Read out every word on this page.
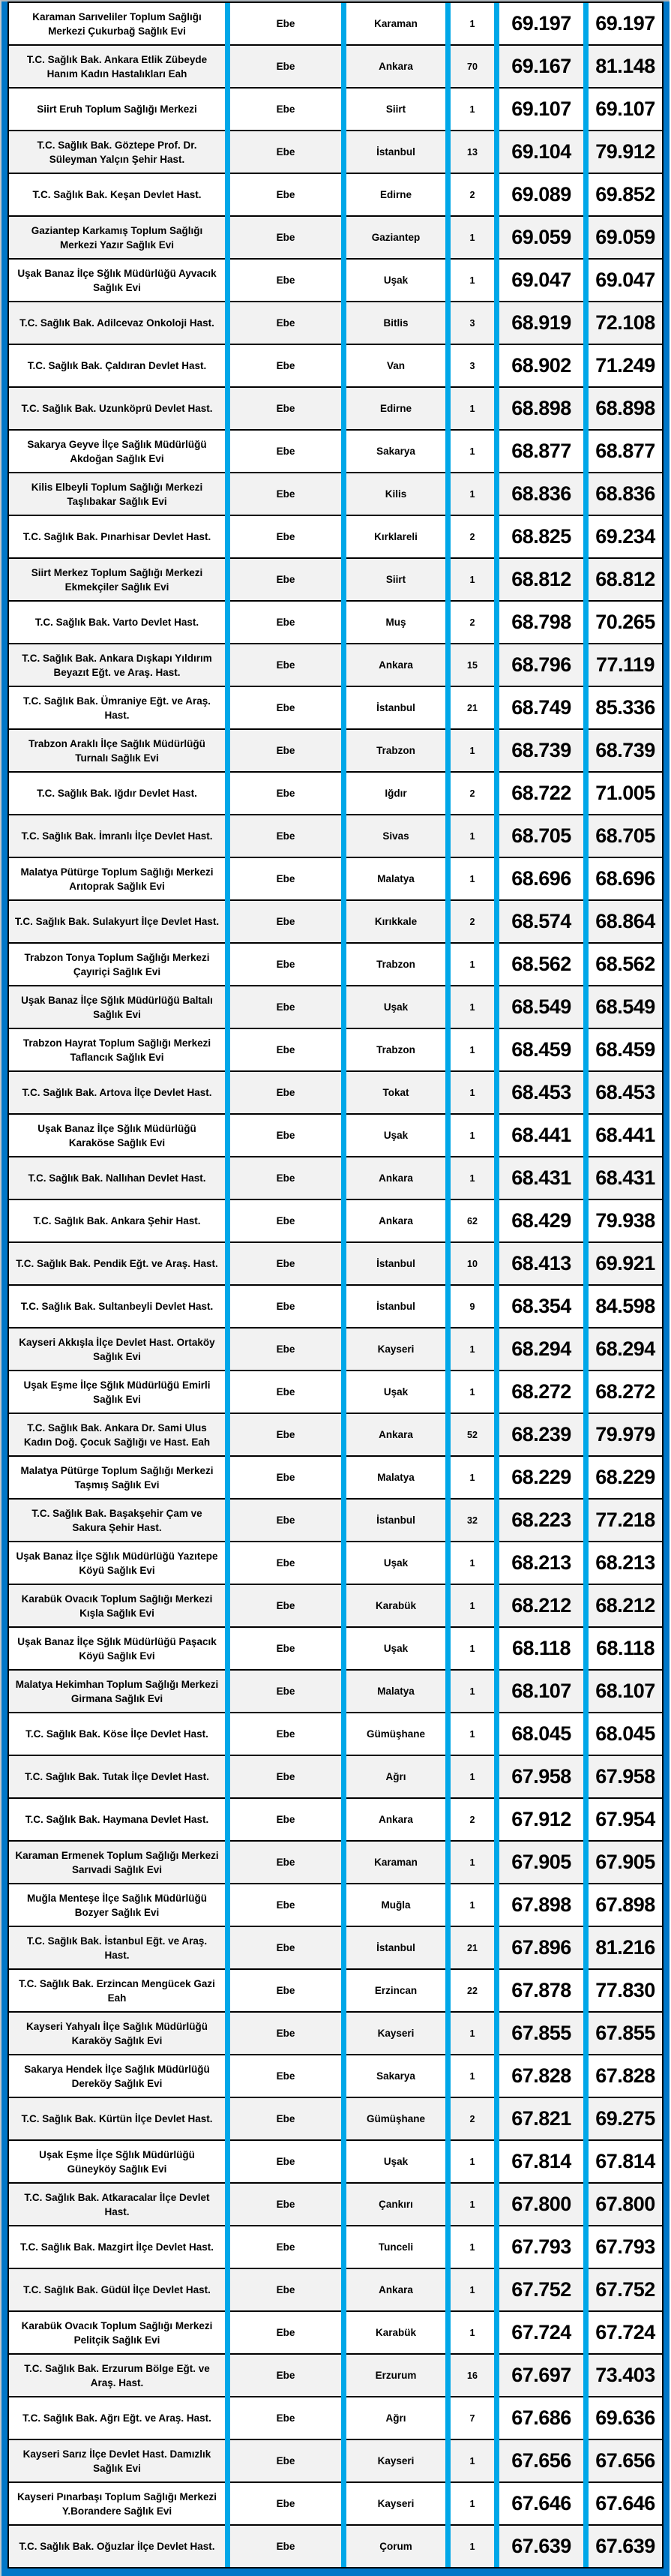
Karaman Sarıveliler Toplum Sağlığı Merkezi Çukurbağ Sağlık Evi		Ebe		Karaman		1		69.197		69.197
T.C. Sağlık Bak. Ankara Etlik Zübeyde Hanım Kadın Hastalıkları Eah		Ebe		Ankara		70		69.167		81.148
Siirt Eruh Toplum Sağlığı Merkezi		Ebe		Siirt		1		69.107		69.107
T.C. Sağlık Bak. Göztepe Prof. Dr. Süleyman Yalçın Şehir Hast.		Ebe		İstanbul		13		69.104		79.912
T.C. Sağlık Bak. Keşan Devlet Hast.		Ebe		Edirne		2		69.089		69.852
Gaziantep Karkamış Toplum Sağlığı Merkezi Yazır Sağlık Evi		Ebe		Gaziantep		1		69.059		69.059
Uşak Banaz İlçe Sğlık Müdürlüğü Ayvacık Sağlık Evi		Ebe		Uşak		1		69.047		69.047
T.C. Sağlık Bak. Adilcevaz Onkoloji Hast.		Ebe		Bitlis		3		68.919		72.108
T.C. Sağlık Bak. Çaldıran Devlet Hast.		Ebe		Van		3		68.902		71.249
T.C. Sağlık Bak. Uzunköprü Devlet Hast.		Ebe		Edirne		1		68.898		68.898
Sakarya Geyve İlçe Sağlık Müdürlüğü Akdoğan Sağlık Evi		Ebe		Sakarya		1		68.877		68.877
Kilis Elbeyli Toplum Sağlığı Merkezi Taşlıbakar Sağlık Evi		Ebe		Kilis		1		68.836		68.836
T.C. Sağlık Bak. Pınarhisar Devlet Hast.		Ebe		Kırklareli		2		68.825		69.234
Siirt Merkez Toplum Sağlığı Merkezi Ekmekçiler Sağlık Evi		Ebe		Siirt		1		68.812		68.812
T.C. Sağlık Bak. Varto Devlet Hast.		Ebe		Muş		2		68.798		70.265
T.C. Sağlık Bak. Ankara Dışkapı Yıldırım Beyazıt Eğt. ve Araş. Hast.		Ebe		Ankara		15		68.796		77.119
T.C. Sağlık Bak. Ümraniye Eğt. ve Araş. Hast.		Ebe		İstanbul		21		68.749		85.336
Trabzon Araklı İlçe Sağlık Müdürlüğü Turnalı Sağlık Evi		Ebe		Trabzon		1		68.739		68.739
T.C. Sağlık Bak. Iğdır Devlet Hast.		Ebe		Iğdır		2		68.722		71.005
T.C. Sağlık Bak. İmranlı İlçe Devlet Hast.		Ebe		Sivas		1		68.705		68.705
Malatya Pütürge Toplum Sağlığı Merkezi Arıtoprak Sağlık Evi		Ebe		Malatya		1		68.696		68.696
T.C. Sağlık Bak. Sulakyurt İlçe Devlet Hast.		Ebe		Kırıkkale		2		68.574		68.864
Trabzon Tonya Toplum Sağlığı Merkezi Çayıriçi Sağlık Evi		Ebe		Trabzon		1		68.562		68.562
Uşak Banaz İlçe Sğlık Müdürlüğü Baltalı Sağlık Evi		Ebe		Uşak		1		68.549		68.549
Trabzon Hayrat Toplum Sağlığı Merkezi Taflancık Sağlık Evi		Ebe		Trabzon		1		68.459		68.459
T.C. Sağlık Bak. Artova İlçe Devlet Hast.		Ebe		Tokat		1		68.453		68.453
Uşak Banaz İlçe Sğlık Müdürlüğü Karaköse Sağlık Evi		Ebe		Uşak		1		68.441		68.441
T.C. Sağlık Bak. Nallıhan Devlet Hast.		Ebe		Ankara		1		68.431		68.431
T.C. Sağlık Bak. Ankara Şehir Hast.		Ebe		Ankara		62		68.429		79.938
T.C. Sağlık Bak. Pendik Eğt. ve Araş. Hast.		Ebe		İstanbul		10		68.413		69.921
T.C. Sağlık Bak. Sultanbeyli Devlet Hast.		Ebe		İstanbul		9		68.354		84.598
Kayseri Akkışla İlçe Devlet Hast. Ortaköy Sağlık Evi		Ebe		Kayseri		1		68.294		68.294
Uşak Eşme İlçe Sğlık Müdürlüğü Emirli Sağlık Evi		Ebe		Uşak		1		68.272		68.272
T.C. Sağlık Bak. Ankara Dr. Sami Ulus Kadın Doğ. Çocuk Sağlığı ve Hast. Eah		Ebe		Ankara		52		68.239		79.979
Malatya Pütürge Toplum Sağlığı Merkezi Taşmış Sağlık Evi		Ebe		Malatya		1		68.229		68.229
T.C. Sağlık Bak. Başakşehir Çam ve Sakura Şehir Hast.		Ebe		İstanbul		32		68.223		77.218
Uşak Banaz İlçe Sğlık Müdürlüğü Yazıtepe Köyü Sağlık Evi		Ebe		Uşak		1		68.213		68.213
Karabük Ovacık Toplum Sağlığı Merkezi Kışla Sağlık Evi		Ebe		Karabük		1		68.212		68.212
Uşak Banaz İlçe Sğlık Müdürlüğü Paşacık Köyü Sağlık Evi		Ebe		Uşak		1		68.118		68.118
Malatya Hekimhan Toplum Sağlığı Merkezi Girmana Sağlık Evi		Ebe		Malatya		1		68.107		68.107
T.C. Sağlık Bak. Köse İlçe Devlet Hast.		Ebe		Gümüşhane		1		68.045		68.045
T.C. Sağlık Bak. Tutak İlçe Devlet Hast.		Ebe		Ağrı		1		67.958		67.958
T.C. Sağlık Bak. Haymana Devlet Hast.		Ebe		Ankara		2		67.912		67.954
Karaman Ermenek Toplum Sağlığı Merkezi Sarıvadi Sağlık Evi		Ebe		Karaman		1		67.905		67.905
Muğla Menteşe İlçe Sağlık Müdürlüğü Bozyer Sağlık Evi		Ebe		Muğla		1		67.898		67.898
T.C. Sağlık Bak. İstanbul Eğt. ve Araş. Hast.		Ebe		İstanbul		21		67.896		81.216
T.C. Sağlık Bak. Erzincan Mengücek Gazi Eah		Ebe		Erzincan		22		67.878		77.830
Kayseri Yahyalı İlçe Sağlık Müdürlüğü Karaköy Sağlık Evi		Ebe		Kayseri		1		67.855		67.855
Sakarya Hendek İlçe Sağlık Müdürlüğü Dereköy Sağlık Evi		Ebe		Sakarya		1		67.828		67.828
T.C. Sağlık Bak. Kürtün İlçe Devlet Hast.		Ebe		Gümüşhane		2		67.821		69.275
Uşak Eşme İlçe Sğlık Müdürlüğü Güneyköy Sağlık Evi		Ebe		Uşak		1		67.814		67.814
T.C. Sağlık Bak. Atkaracalar İlçe Devlet Hast.		Ebe		Çankırı		1		67.800		67.800
T.C. Sağlık Bak. Mazgirt İlçe Devlet Hast.		Ebe		Tunceli		1		67.793		67.793
T.C. Sağlık Bak. Güdül İlçe Devlet Hast.		Ebe		Ankara		1		67.752		67.752
Karabük Ovacık Toplum Sağlığı Merkezi Pelitçik Sağlık Evi		Ebe		Karabük		1		67.724		67.724
T.C. Sağlık Bak. Erzurum Bölge Eğt. ve Araş. Hast.		Ebe		Erzurum		16		67.697		73.403
T.C. Sağlık Bak. Ağrı Eğt. ve Araş. Hast.		Ebe		Ağrı		7		67.686		69.636
Kayseri Sarız İlçe Devlet Hast. Damızlık Sağlık Evi		Ebe		Kayseri		1		67.656		67.656
Kayseri Pınarbaşı Toplum Sağlığı Merkezi Y.Borandere Sağlık Evi		Ebe		Kayseri		1		67.646		67.646
T.C. Sağlık Bak. Oğuzlar İlçe Devlet Hast.		Ebe		Çorum		1		67.639		67.639
